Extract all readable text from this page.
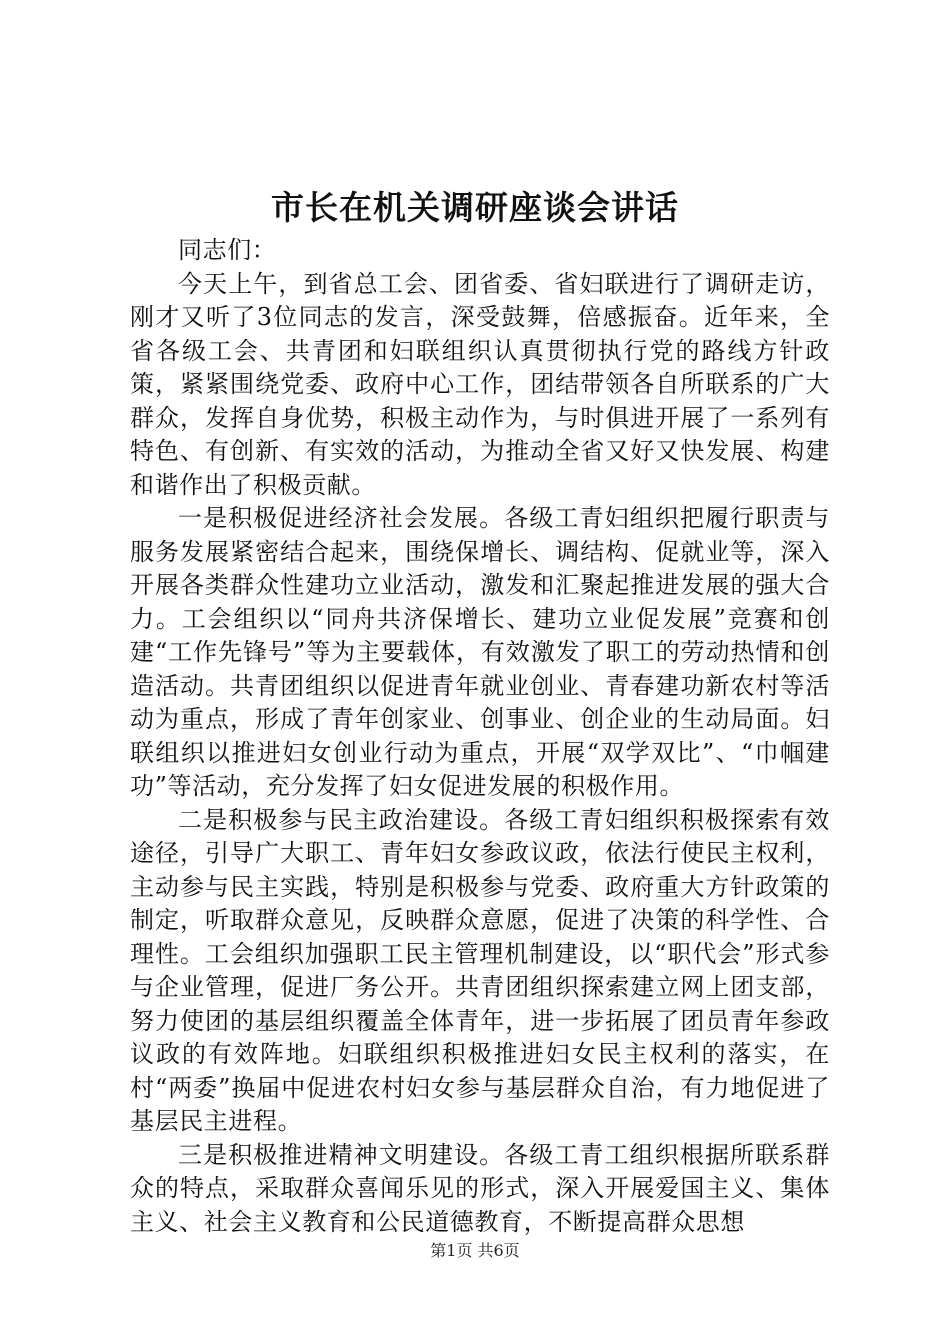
市长在机关调研座谈会讲话

同志们：

今天上午，到省总工会、团省委、省妇联进行了调研走访，刚才又听了3位同志的发言，深受鼓舞，倍感振奋。近年来，全省各级工会、共青团和妇联组织认真贯彻执行党的路线方针政策，紧紧围绕党委、政府中心工作，团结带领各自所联系的广大群众，发挥自身优势，积极主动作为，与时俱进开展了一系列有特色、有创新、有实效的活动，为推动全省又好又快发展、构建和谐作出了积极贡献。

一是积极促进经济社会发展。各级工青妇组织把履行职责与服务发展紧密结合起来，围绕保增长、调结构、促就业等，深入开展各类群众性建功立业活动，激发和汇聚起推进发展的强大合力。工会组织以“同舟共济保增长、建功立业促发展”竞赛和创建“工作先锋号”等为主要载体，有效激发了职工的劳动热情和创造活动。共青团组织以促进青年就业创业、青春建功新农村等活动为重点，形成了青年创家业、创事业、创企业的生动局面。妇联组织以推进妇女创业行动为重点，开展“双学双比”、“巾帼建功”等活动，充分发挥了妇女促进发展的积极作用。

二是积极参与民主政治建设。各级工青妇组织积极探索有效途径，引导广大职工、青年妇女参政议政，依法行使民主权利，主动参与民主实践，特别是积极参与党委、政府重大方针政策的制定，听取群众意见，反映群众意愿，促进了决策的科学性、合理性。工会组织加强职工民主管理机制建设，以“职代会”形式参与企业管理，促进厂务公开。共青团组织探索建立网上团支部，努力使团的基层组织覆盖全体青年，进一步拓展了团员青年参政议政的有效阵地。妇联组织积极推进妇女民主权利的落实，在村“两委”换届中促进农村妇女参与基层群众自治，有力地促进了基层民主进程。

三是积极推进精神文明建设。各级工青工组织根据所联系群众的特点，采取群众喜闻乐见的形式，深入开展爱国主义、集体主义、社会主义教育和公民道德教育，不断提高群众思想

第1页 共6页
